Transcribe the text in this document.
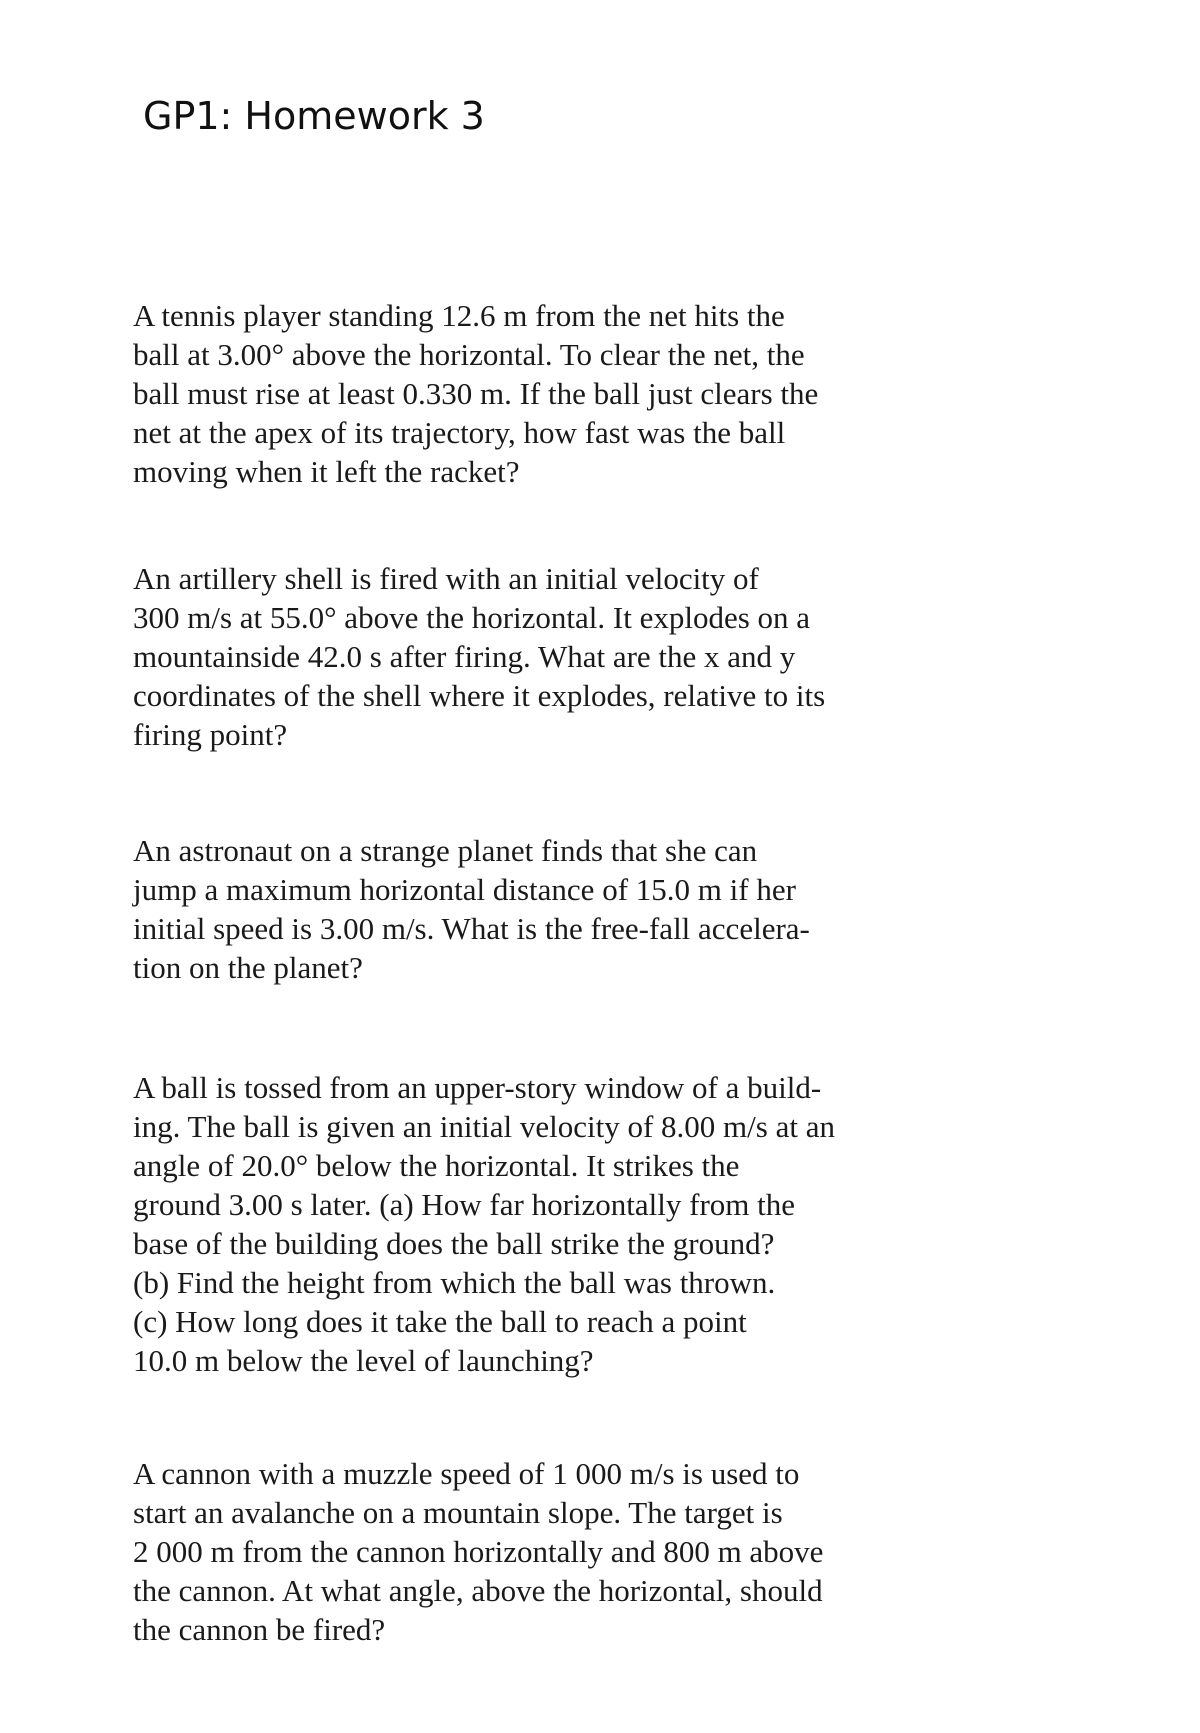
GP1: Homework 3

A tennis player standing 12.6 m from the net hits the
ball at 3.00° above the horizontal. To clear the net, the
ball must rise at least 0.330 m. If the ball just clears the
net at the apex of its trajectory, how fast was the ball
moving when it left the racket?

An artillery shell is fired with an initial velocity of
300 m/s at 55.0° above the horizontal. It explodes on a
mountainside 42.0 s after firing. What are the x and y
coordinates of the shell where it explodes, relative to its
firing point?

An astronaut on a strange planet finds that she can
jump a maximum horizontal distance of 15.0 m if her
initial speed is 3.00 m/s. What is the free-fall accelera-
tion on the planet?

A ball is tossed from an upper-story window of a build-
ing. The ball is given an initial velocity of 8.00 m/s at an
angle of 20.0° below the horizontal. It strikes the
ground 3.00 s later. (a) How far horizontally from the
base of the building does the ball strike the ground?
(b) Find the height from which the ball was thrown.
(c) How long does it take the ball to reach a point
10.0 m below the level of launching?

A cannon with a muzzle speed of 1 000 m/s is used to
start an avalanche on a mountain slope. The target is
2 000 m from the cannon horizontally and 800 m above
the cannon. At what angle, above the horizontal, should
the cannon be fired?
